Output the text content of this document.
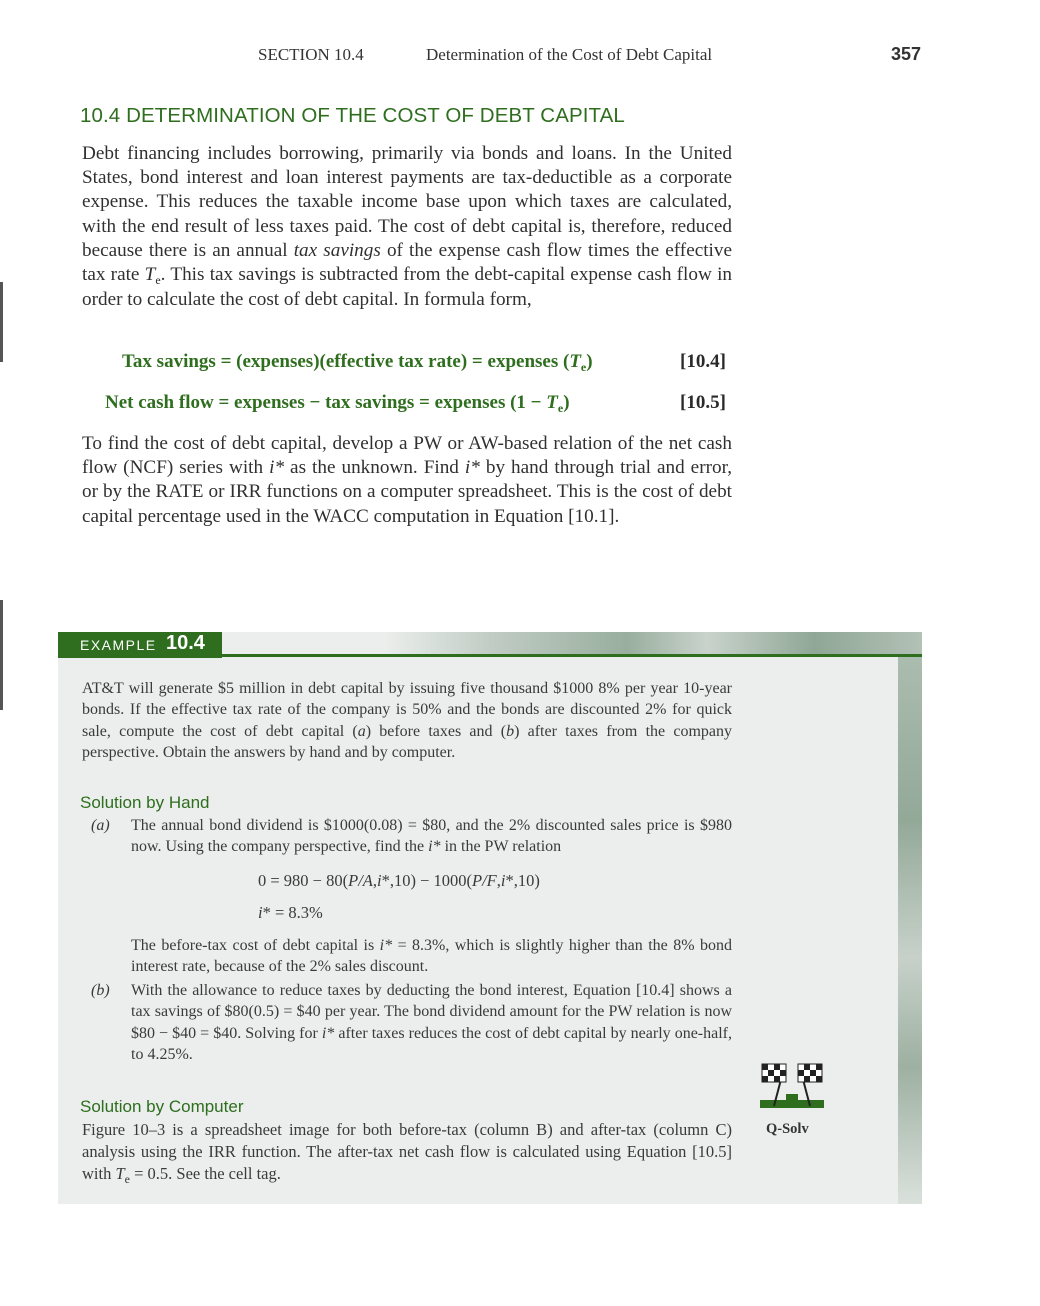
SECTION 10.4	Determination of the Cost of Debt Capital	357
10.4 DETERMINATION OF THE COST OF DEBT CAPITAL
Debt financing includes borrowing, primarily via bonds and loans. In the United States, bond interest and loan interest payments are tax-deductible as a corporate expense. This reduces the taxable income base upon which taxes are calculated, with the end result of less taxes paid. The cost of debt capital is, therefore, reduced because there is an annual tax savings of the expense cash flow times the effective tax rate $T_e$. This tax savings is subtracted from the debt-capital expense cash flow in order to calculate the cost of debt capital. In formula form,
Tax savings = (expenses)(effective tax rate) = expenses $(T_e)$	[10.4]
Net cash flow = expenses − tax savings = expenses $(1 - T_e)$	[10.5]
To find the cost of debt capital, develop a PW or AW-based relation of the net cash flow (NCF) series with i* as the unknown. Find i* by hand through trial and error, or by the RATE or IRR functions on a computer spreadsheet. This is the cost of debt capital percentage used in the WACC computation in Equation [10.1].
EXAMPLE 10.4
AT&T will generate $5 million in debt capital by issuing five thousand $1000 8% per year 10-year bonds. If the effective tax rate of the company is 50% and the bonds are discounted 2% for quick sale, compute the cost of debt capital (a) before taxes and (b) after taxes from the company perspective. Obtain the answers by hand and by computer.
Solution by Hand
(a) The annual bond dividend is $1000(0.08) = $80, and the 2% discounted sales price is $980 now. Using the company perspective, find the i* in the PW relation
0 = 980 − 80(P/A,i*,10) − 1000(P/F,i*,10)
i* = 8.3%
The before-tax cost of debt capital is i* = 8.3%, which is slightly higher than the 8% bond interest rate, because of the 2% sales discount.
(b) With the allowance to reduce taxes by deducting the bond interest, Equation [10.4] shows a tax savings of $80(0.5) = $40 per year. The bond dividend amount for the PW relation is now $80 − $40 = $40. Solving for i* after taxes reduces the cost of debt capital by nearly one-half, to 4.25%.
Solution by Computer
Figure 10–3 is a spreadsheet image for both before-tax (column B) and after-tax (column C) analysis using the IRR function. The after-tax net cash flow is calculated using Equation [10.5] with $T_e = 0.5$. See the cell tag.
Q-Solv
